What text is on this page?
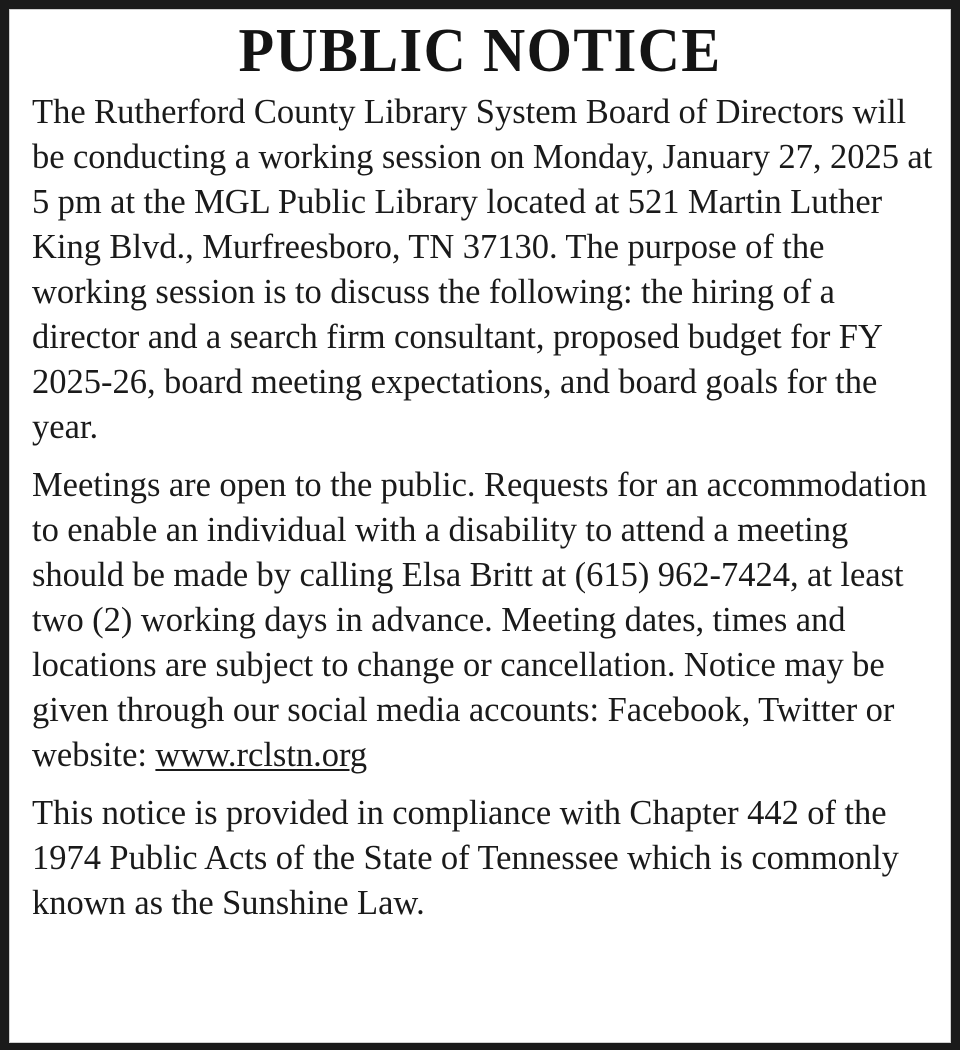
PUBLIC NOTICE

The Rutherford County Library System Board of Directors will be conducting a working session on Monday, January 27, 2025 at 5 pm at the MGL Public Library located at 521 Martin Luther King Blvd., Murfreesboro, TN 37130. The purpose of the working session is to discuss the following: the hiring of a director and a search firm consultant, proposed budget for FY 2025-26, board meeting expectations, and board goals for the year.

Meetings are open to the public. Requests for an accommodation to enable an individual with a disability to attend a meeting should be made by calling Elsa Britt at (615) 962-7424, at least two (2) working days in advance. Meeting dates, times and locations are subject to change or cancellation. Notice may be given through our social media accounts: Facebook, Twitter or website: www.rclstn.org

This notice is provided in compliance with Chapter 442 of the 1974 Public Acts of the State of Tennessee which is commonly known as the Sunshine Law.
